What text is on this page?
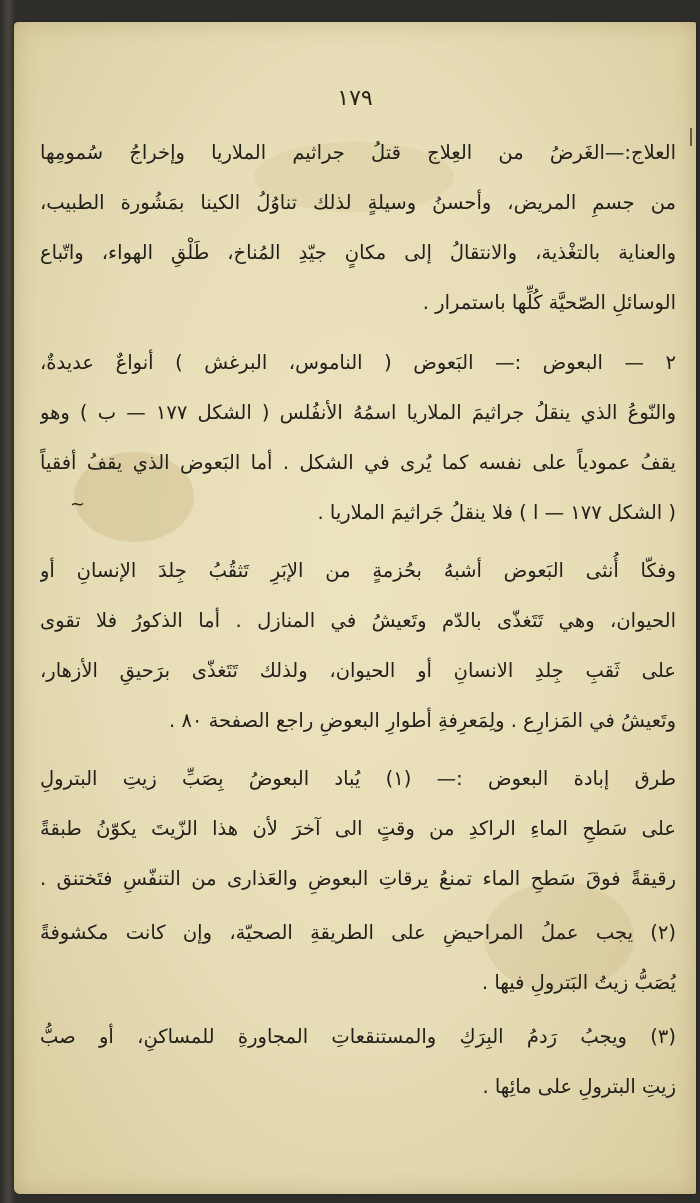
١٧٩
العلاج:—الغَرضُ من العِلاج قتلُ جراثيم الملاريا وإخراجُ سُمومِها
من جسمِ المريض، وأحسنُ وسيلةٍ لذلك تناوُلُ الكينا بمَشُورة الطبيب،
والعناية بالتغْذية، والانتقالُ إلى مكانٍ جيّدِ المُناخ، طَلْقِ الهواء، واتّباع
الوسائلِ الصّحيَّة كُلِّها باستمرار .
٢ — البعوض :— البَعوض ( الناموس، البرغش ) أنواعٌ عديدةٌ،
والنّوعُ الذي ينقلُ جراثيمَ الملاريا اسمُهُ الأنفُلس ( الشكل ١٧٧ — ب ) وهو
يقفُ عمودياً على نفسه كما يُرى في الشكل . أما البَعوض الذي يقفُ أفقياً
( الشكل ١٧٧ — ا ) فلا ينقلُ جَراثيمَ الملاريا .
~
وفكّا أُنثى البَعوض أشبهُ بحُزمةٍ من الإبَرِ تَثقُبُ جِلدَ الإنسانِ أو
الحيوان، وهي تَتَغذّى بالدّم وتَعيشُ في المنازل . أما الذكورُ فلا تقوى
على ثَقبِ جِلدِ الانسانِ أو الحيوان، ولذلك تَتَغذّى برَحيقِ الأزهار،
وتَعيشُ في المَزارِع . ولِمَعرِفةِ أطوارِ البعوضِ راجع الصفحة ٨٠ .
طرق إبادة البعوض :— (١) يُباد البعوضُ بِصَبِّ زيتِ البترولِ
على سَطحِ الماءِ الراكدِ من وقتٍ الى آخرَ لأن هذا الزّيتَ يكوّنُ طبقةً
رقيقةً فوقَ سَطحِ الماء تمنعُ يرقاتِ البعوضِ والعَذارى من التنفّسِ فتَختنق .
(٢) يجب عملُ المراحيضِ على الطريقةِ الصحيّة، وإن كانت مكشوفةً
يُصَبُّ زيتُ البَترولِ فيها .
(٣) ويجبُ رَدمُ البِرَكِ والمستنقعاتِ المجاورةِ للمساكنِ، أو صبُّ
زيتِ البترولِ على مائِها .
